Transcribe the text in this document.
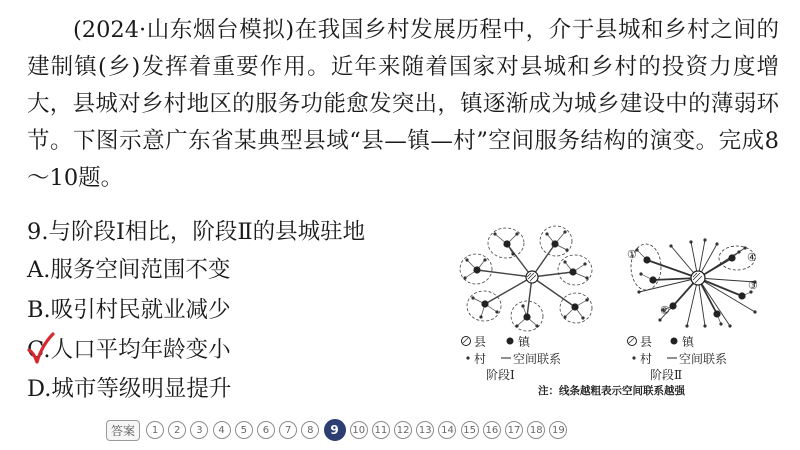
(2024·山东烟台模拟)在我国乡村发展历程中，介于县城和乡村之间的建制镇(乡)发挥着重要作用。近年来随着国家对县城和乡村的投资力度增大，县城对乡村地区的服务功能愈发突出，镇逐渐成为城乡建设中的薄弱环节。下图示意广东省某典型县域“县—镇—村”空间服务结构的演变。完成8～10题。
9.与阶段Ⅰ相比，阶段Ⅱ的县城驻地
A.服务空间范围不变
B.吸引村民就业减少
C.人口平均年龄变小
D.城市等级明显提升
①
②
③
④
县	镇
村 空间联系
阶段Ⅰ
县 镇
村 空间联系
阶段Ⅱ
注：线条越粗表示空间联系越强
答案	1	2	3	4	5	6	7	8	9	10 11 12 13 14 15 16 17 18 19
